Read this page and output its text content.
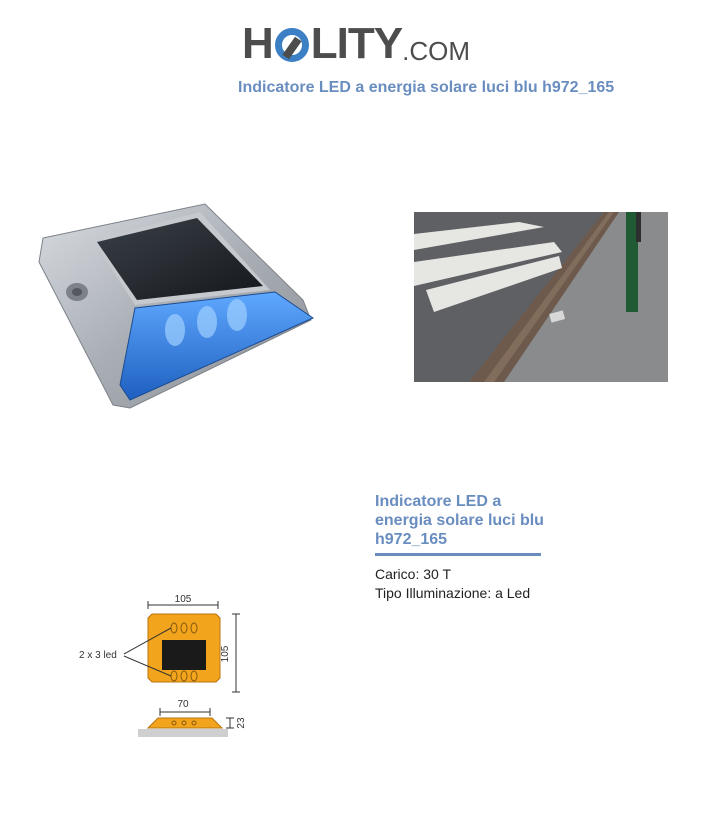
H LITY .COM
Indicatore LED a energia solare luci blu h972_165
105
2 x 3 led	105
70
23
Indicatore LED a energia solare luci blu h972_165
Carico: 30 T
Tipo Illuminazione: a Led
